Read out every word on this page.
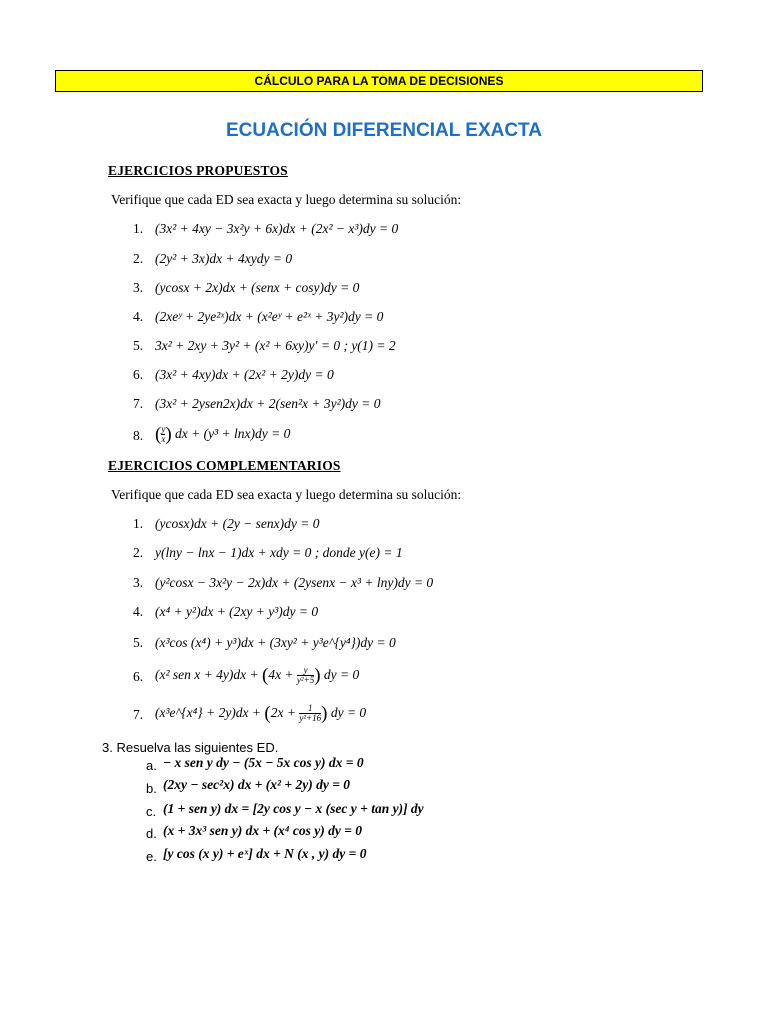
CÁLCULO PARA LA TOMA DE DECISIONES
ECUACIÓN DIFERENCIAL EXACTA
EJERCICIOS PROPUESTOS
Verifique que cada ED sea exacta y luego determina su solución:
1. (3x² + 4xy − 3x²y + 6x)dx + (2x² − x³)dy = 0
2. (2y² + 3x)dx + 4xydy = 0
3. (ycosx + 2x)dx + (senx + cosy)dy = 0
4. (2xeʸ + 2ye²ˣ)dx + (x²eʸ + e²ˣ + 3y²)dy = 0
5. 3x² + 2xy + 3y² + (x² + 6xy)y′ = 0 ; y(1) = 2
6. (3x² + 4xy)dx + (2x² + 2y)dy = 0
7. (3x² + 2ysen2x)dx + 2(sen²x + 3y²)dy = 0
8. ( $\frac{y}{x}$ ) dx + (y³ + lnx)dy = 0
EJERCICIOS COMPLEMENTARIOS
Verifique que cada ED sea exacta y luego determina su solución:
1. (ycosx)dx + (2y − senx)dy = 0
2. y(lny − lnx − 1)dx + xdy = 0 ; donde y(e) = 1
3. (y²cosx − 3x²y − 2x)dx + (2ysenx − x³ + lny)dy = 0
4. (x⁴ + y²)dx + (2xy + y³)dy = 0
5. (x³cos (x⁴) + y³)dx + (3xy² + y³e^{y⁴})dy = 0
6. (x² sen $x + 4y)dx + (4x + \frac{y}{\text{y²+5}}$ ) dy = 0
7. (x³e^{x⁴} + $2y)dx + (2x + \frac{1}{\text{y²+16}}$ ) dy = 0
3. Resuelva las siguientes ED.
a. − x sen y dy − (5x − 5x cos y) dx = 0
b. (2xy − sec²x) dx + (x² + 2y) dy = 0
c. (1 + sen y) dx = [2y cos y − x (sec y + tan y)] dy
d. (x + 3x³ sen y) dx + (x⁴ cos y) dy = 0
e. [y cos (x y) + eˣ] dx + N (x , y) dy = 0
